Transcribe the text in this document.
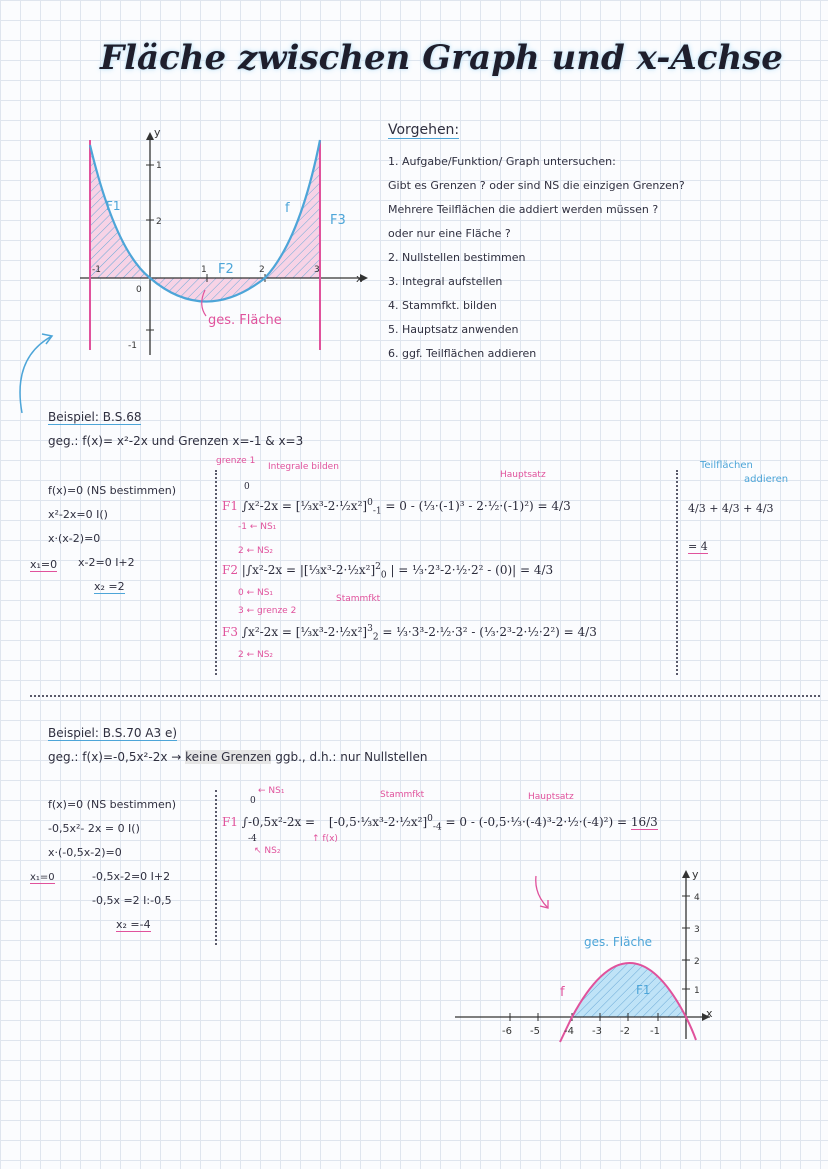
Fläche zwischen Graph und x-Achse
y
x
1
2
-1
-1
0
1	2	3
F1
F2
F3
f
ges. Fläche
Vorgehen:
1. Aufgabe/Funktion/ Graph untersuchen:
Gibt es Grenzen ? oder sind NS die einzigen Grenzen?
Mehrere Teilflächen die addiert werden müssen ?
oder nur eine Fläche ?
2. Nullstellen bestimmen
3. Integral aufstellen
4. Stammfkt. bilden
5. Hauptsatz anwenden
6. ggf. Teilflächen addieren
Beispiel: B.S.68
geg.: f(x)= x²-2x und Grenzen x=-1 & x=3
f(x)=0 (NS bestimmen)
x²-2x=0 I()
x·(x-2)=0
x₁=0 x-2=0 I+2
x₂ =2
grenze 1
Integrale bilden
Hauptsatz
0
F1 ∫x²-2x = [⅓x³-2·½x²]$^0_{-1}$ = 0 - (⅓·(-1)³ - 2·½·(-1)²) = 4/3
-1 ← NS₁
2 ← NS₂
F2 |∫x²-2x = |[⅓x³-2·½x²]$^2_0$ | = ⅓·2³-2·½·2² - (0)| = 4/3
0 ← NS₁
Stammfkt
3 ← grenze 2
F3 ∫x²-2x = [⅓x³-2·½x²]$^3_2$ = ⅓·3³-2·½·3² - (⅓·2³-2·½·2²) = 4/3
2 ← NS₂
Teilflächen
addieren
4/3 + 4/3 + 4/3
= 4
Beispiel: B.S.70 A3 e)
geg.: f(x)=-0,5x²-2x → keine Grenzen ggb., d.h.: nur Nullstellen
f(x)=0 (NS bestimmen)
-0,5x²- 2x = 0 I()
x·(-0,5x-2)=0
x₁=0	-0,5x-2=0 I+2
-0,5x =2 I:-0,5
x₂ =-4
← NS₁
0
F1 ∫-0,5x²-2x = [-0,5·⅓x³-2·½x²]$^0_{-4}$ = 0 - (-0,5·⅓·(-4)³-2·½·(-4)²) = 16/3
-4
↖ NS₂
↑ f(x)
Stammfkt	Hauptsatz
y
x
4
3
2
1
-6 -5 -4 -3 -2 -1
ges. Fläche
F1
f
